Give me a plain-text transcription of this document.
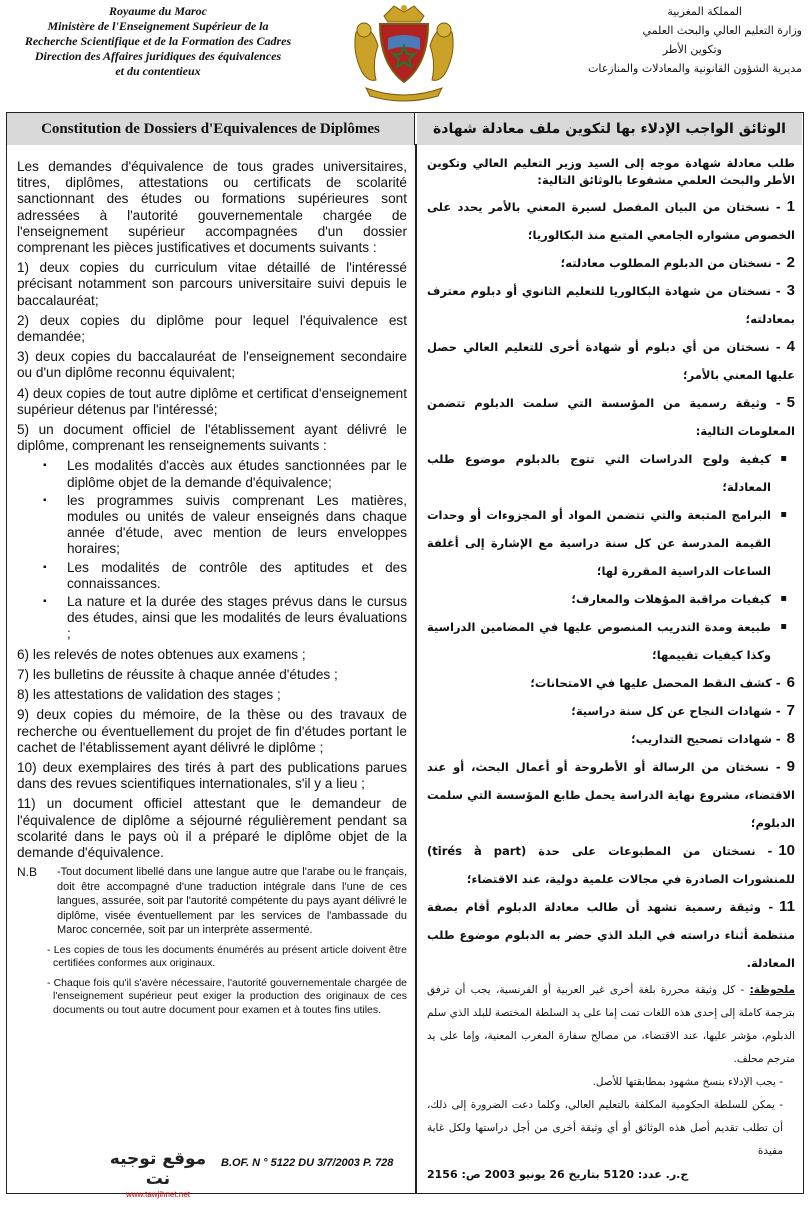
Royaume du Maroc
Ministère de l'Enseignement Supérieur de la
Recherche Scientifique et de la Formation des Cadres
Direction des Affaires juridiques des équivalences
et du contentieux
المملكة المغربية
وزارة التعليم العالي والبحث العلمي
وتكوين الأطر
مديرية الشؤون القانونية والمعادلات والمنازعات
Constitution de Dossiers d'Equivalences de Diplômes	الوثائق الواجب الإدلاء بها لتكوين ملف معادلة شهادة

Les demandes d'équivalence de tous grades universitaires, titres, diplômes, attestations ou certificats de scolarité sanctionnant des études ou formations supérieures sont adressées à l'autorité gouvernementale chargée de l'enseignement supérieur accompagnées d'un dossier comprenant les pièces justificatives et documents suivants :

1) deux copies du curriculum vitae détaillé de l'intéressé précisant notamment son parcours universitaire suivi depuis le baccalauréat;

2) deux copies du diplôme pour lequel l'équivalence est demandée;

3) deux copies du baccalauréat de l'enseignement secondaire ou d'un diplôme reconnu équivalent;

4) deux copies de tout autre diplôme et certificat d'enseignement supérieur détenus par l'intéressé;

5) un document officiel de l'établissement ayant délivré le diplôme, comprenant les renseignements suivants :

▪ Les modalités d'accès aux études sanctionnées par le diplôme objet de la demande d'équivalence;
▪ les programmes suivis comprenant Les matières, modules ou unités de valeur enseignés dans chaque année d'étude, avec mention de leurs enveloppes horaires;
▪ Les modalités de contrôle des aptitudes et des connaissances.
▪ La nature et la durée des stages prévus dans le cursus des études, ainsi que les modalités de leurs évaluations ;

6) les relevés de notes obtenues aux examens ;

7) les bulletins de réussite à chaque année d'études ;

8) les attestations de validation des stages ;

9) deux copies du mémoire, de la thèse ou des travaux de recherche ou éventuellement du projet de fin d'études portant le cachet de l'établissement ayant délivré le diplôme ;

10) deux exemplaires des tirés à part des publications parues dans des revues scientifiques internationales, s'il y a lieu ;

11) un document officiel attestant que le demandeur de l'équivalence de diplôme a séjourné régulièrement pendant sa scolarité dans le pays où il a préparé le diplôme objet de la demande d'équivalence.

N.B	-Tout document libellé dans une langue autre que l'arabe ou le français, doit être accompagné d'une traduction intégrale dans l'une de ces langues, assurée, soit par l'autorité compétente du pays ayant délivré le diplôme, visée éventuellement par les services de l'ambassade du Maroc concernée, soit par un interprète assermenté.
- Les copies de tous les documents énumérés au présent article doivent être certifiées conformes aux originaux.
- Chaque fois qu'il s'avère nécessaire, l'autorité gouvernementale chargée de l'enseignement supérieur peut exiger la production des originaux de ces documents ou tout autre document pour examen et à toutes fins utiles.
موقع توجيه نت
www.tawjihnet.net
B.OF. N ° 5122 DU 3/7/2003 P. 728
طلب معادلة شهادة موجه إلى السيد وزير التعليم العالي وتكوين الأطر والبحث العلمي مشفوعا بالوثائق التالية:
1- نسختان من البيان المفصل لسيرة المعني بالأمر يحدد على الخصوص مشواره الجامعي المتبع منذ البكالوريا؛
2- نسختان من الدبلوم المطلوب معادلته؛
3- نسختان من شهادة البكالوريا للتعليم الثانوي أو دبلوم معترف بمعادلته؛
4- نسختان من أي دبلوم أو شهادة أخرى للتعليم العالي حصل عليها المعني بالأمر؛
5- وثيقة رسمية من المؤسسة التي سلمت الدبلوم تتضمن المعلومات التالية:
▪ كيفية ولوج الدراسات التي تتوج بالدبلوم موضوع طلب المعادلة؛
▪ البرامج المتبعة والتي تتضمن المواد أو المجزوءات أو وحدات القيمة المدرسة عن كل سنة دراسية مع الإشارة إلى أغلفة الساعات الدراسية المقررة لها؛
▪ كيفيات مراقبة المؤهلات والمعارف؛
▪ طبيعة ومدة التدريب المنصوص عليها في المضامين الدراسية وكذا كيفيات تقييمها؛
6- كشف النقط المحصل عليها في الامتحانات؛
7- شهادات النجاح عن كل سنة دراسية؛
8- شهادات تصحيح التداريب؛
9- نسختان من الرسالة أو الأطروحة أو أعمال البحث، أو عند الاقتضاء، مشروع نهاية الدراسة يحمل طابع المؤسسة التي سلمت الدبلوم؛
10- نسختان من المطبوعات على حدة (tirés à part) للمنشورات الصادرة في مجالات علمية دولية، عند الاقتضاء؛
11- وثيقة رسمية تشهد أن طالب معادلة الدبلوم أقام بصفة منتظمة أثناء دراسته في البلد الذي حضر به الدبلوم موضوع طلب المعادلة.
ملحوظة: - كل وثيقة محررة بلغة أخرى غير العربية أو الفرنسية، يجب أن ترفق بترجمة كاملة إلى إحدى هذه اللغات تمت إما على يد السلطة المختصة للبلد الذي سلم الدبلوم، مؤشر عليها، عند الاقتضاء، من مصالح سفارة المغرب المعنية، وإما على يد مترجم محلف.
- يجب الإدلاء بنسخ مشهود بمطابقتها للأصل.
- يمكن للسلطة الحكومية المكلفة بالتعليم العالي، وكلما دعت الضرورة إلى ذلك، أن تطلب تقديم أصل هذه الوثائق أو أي وثيقة أخرى من أجل دراستها ولكل غاية مفيدة
ج.ر. عدد: 5120 بتاريخ 26 يونيو 2003 ص: 2156
